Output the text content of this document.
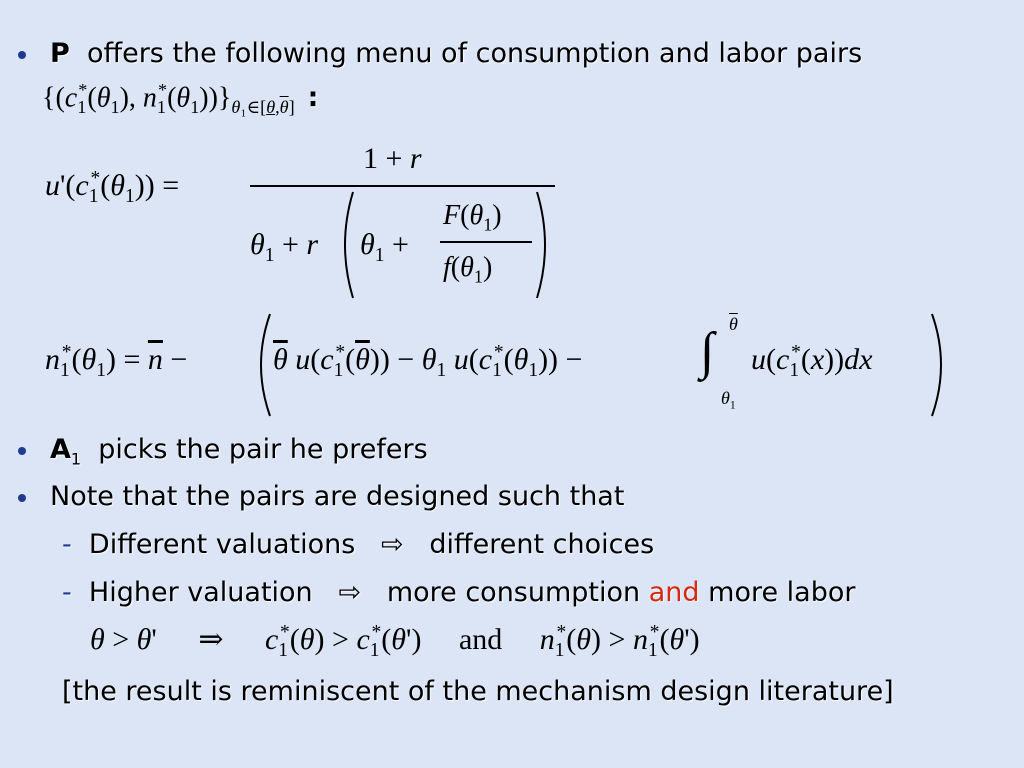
P offers the following menu of consumption and labor pairs
{($c_1^*(\theta_1)$, $n_1^*(\theta_1))\}_{\theta_1\in[\theta,\overline{\theta}]}$ :
$u'(c_1^*(\theta_1))$ =
1 + r
$\theta_1 + r$ $\theta_1$ +
$F(\theta_1)$
$f(\theta_1)$
$n_1^*(\theta_1) = \overline{n}$ −	$\overline{\theta}$ $u(c_1^*(\overline{\theta})) - \theta_1$ $u(c_1^*(\theta_1))$ − ∫ $\overline{\theta}$
$\theta_1$
$u(c_1^*(x))dx$
$A_1$ picks the pair he prefers
Note that the pairs are designed such that
- Different valuations ⇨ different choices
- Higher valuation ⇨ more consumption and more labor
θ > θ' ⇒ $c_1^*(\theta) > c_1^*(\theta')$ and $n_1^*(\theta) > n_1^*(\theta')$
[the result is reminiscent of the mechanism design literature]
